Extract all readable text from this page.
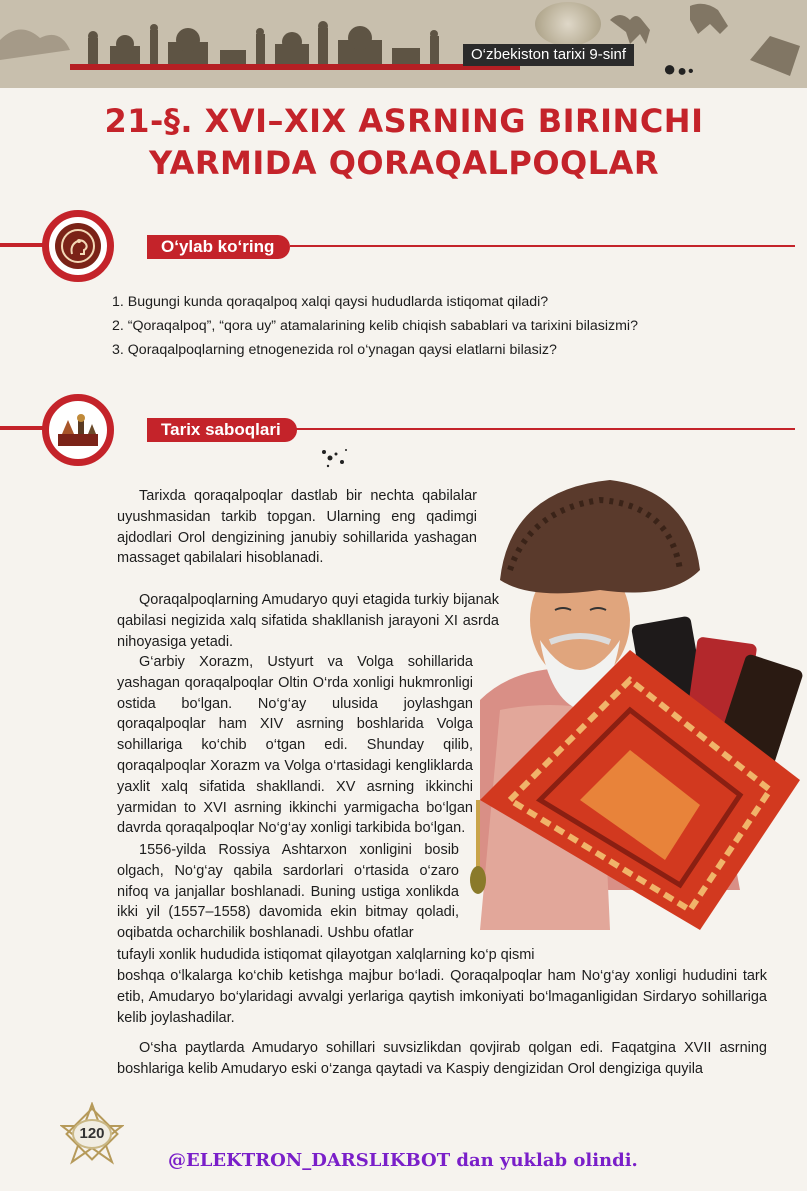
O‘zbekiston tarixi 9-sinf
●●•
21-§. XVI–XIX ASRNING BIRINCHI
YARMIDA QORAQALPOQLAR
O‘ylab ko‘ring
1. Bugungi kunda qoraqalpoq xalqi qaysi hududlarda istiqomat qiladi?
2. “Qoraqalpoq”, “qora uy” atamalarining kelib chiqish sabablari va tarixini bilasizmi?
3. Qoraqalpoqlarning etnogenezida rol o‘ynagan qaysi elatlarni bilasiz?
Tarix saboqlari

Tarixda qoraqalpoqlar dastlab bir nechta qabilalar uyushmasidan tarkib topgan. Ularning eng qadimgi ajdodlari Orol dengizining janubiy sohillarida yashagan massaget qabilalari hisoblanadi.

Qoraqalpoqlarning Amudaryo quyi etagida turkiy bijanak qabilasi negizida xalq sifatida shakllanish jarayoni XI asrda nihoyasiga yetadi.

G‘arbiy Xorazm, Ustyurt va Volga sohillarida yashagan qoraqalpoqlar Oltin O‘rda xonligi hukmronligi ostida bo‘lgan. No‘g‘ay ulusida joylashgan qoraqalpoqlar ham XIV asrning boshlarida Volga sohillariga ko‘chib o‘tgan edi. Shunday qilib, qoraqalpoqlar Xorazm va Volga o‘rtasidagi kengliklarda yaxlit xalq sifatida shakllandi. XV asrning ikkinchi yarmidan to XVI asrning ikkinchi yarmigacha bo‘lgan davrda qoraqalpoqlar No‘g‘ay xonligi tarkibida bo‘lgan.

1556-yilda Rossiya Ashtarxon xonligini bosib olgach, No‘g‘ay qabila sardorlari o‘rtasida o‘zaro nifoq va janjallar boshlanadi. Buning ustiga xonlikda ikki yil (1557–1558) davomida ekin bitmay qoladi, oqibatda ocharchilik boshlanadi. Ushbu ofatlar

tufayli xonlik hududida istiqomat qilayotgan xalqlarning ko‘p qismi
boshqa o‘lkalarga ko‘chib ketishga majbur bo‘ladi. Qoraqalpoqlar ham No‘g‘ay xonligi hududini tark etib, Amudaryo bo‘ylaridagi avvalgi yerlariga qaytish imkoniyati bo‘lmaganligidan Sirdaryo sohillariga kelib joylashadilar.

O‘sha paytlarda Amudaryo sohillari suvsizlikdan qovjirab qolgan edi. Faqatgina XVII asrning boshlariga kelib Amudaryo eski o‘zanga qaytadi va Kaspiy dengizidan Orol dengiziga quyila

120
@ELEKTRON_DARSLIKBOT dan yuklab olindi.
